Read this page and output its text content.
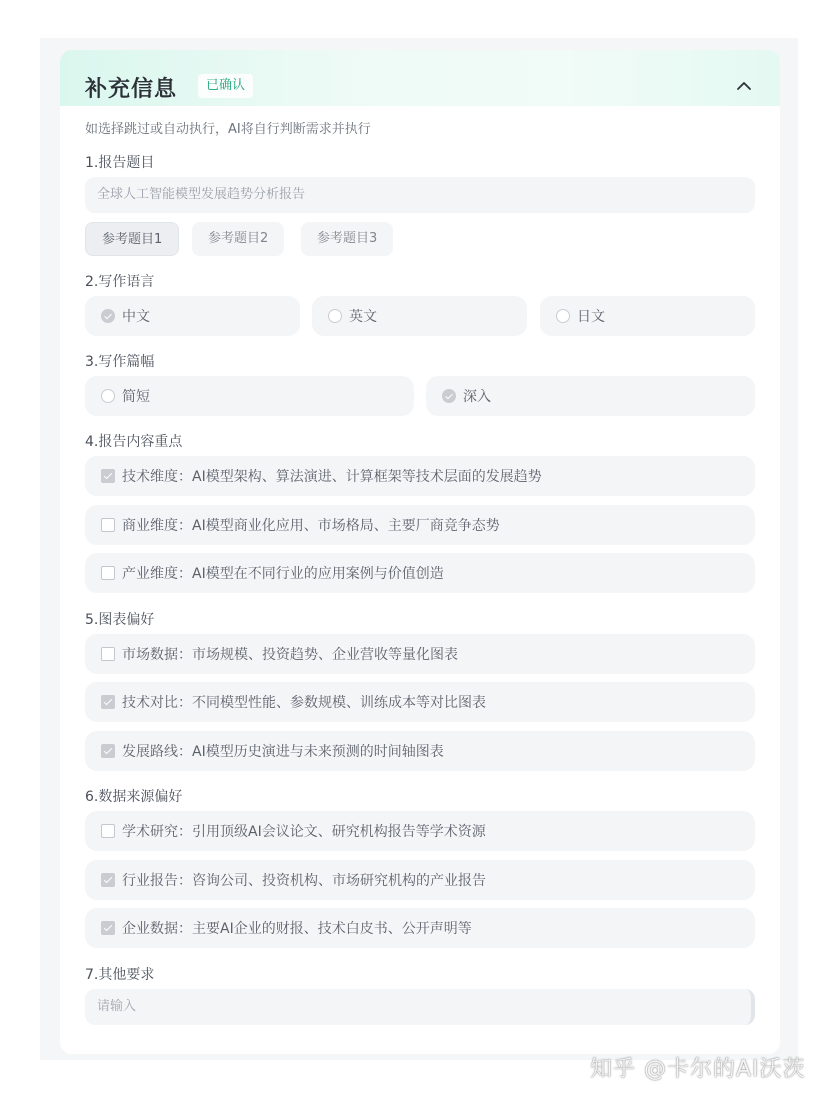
补充信息	已确认
如选择跳过或自动执行，AI将自行判断需求并执行
1.报告题目
全球人工智能模型发展趋势分析报告
参考题目1	参考题目2	参考题目3
2.写作语言
中文	英文	日文
3.写作篇幅
简短	深入
4.报告内容重点
技术维度：AI模型架构、算法演进、计算框架等技术层面的发展趋势
商业维度：AI模型商业化应用、市场格局、主要厂商竞争态势
产业维度：AI模型在不同行业的应用案例与价值创造
5.图表偏好
市场数据：市场规模、投资趋势、企业营收等量化图表
技术对比：不同模型性能、参数规模、训练成本等对比图表
发展路线：AI模型历史演进与未来预测的时间轴图表
6.数据来源偏好
学术研究：引用顶级AI会议论文、研究机构报告等学术资源
行业报告：咨询公司、投资机构、市场研究机构的产业报告
企业数据：主要AI企业的财报、技术白皮书、公开声明等
7.其他要求
请输入
知乎 @卡尔的AI沃茨
